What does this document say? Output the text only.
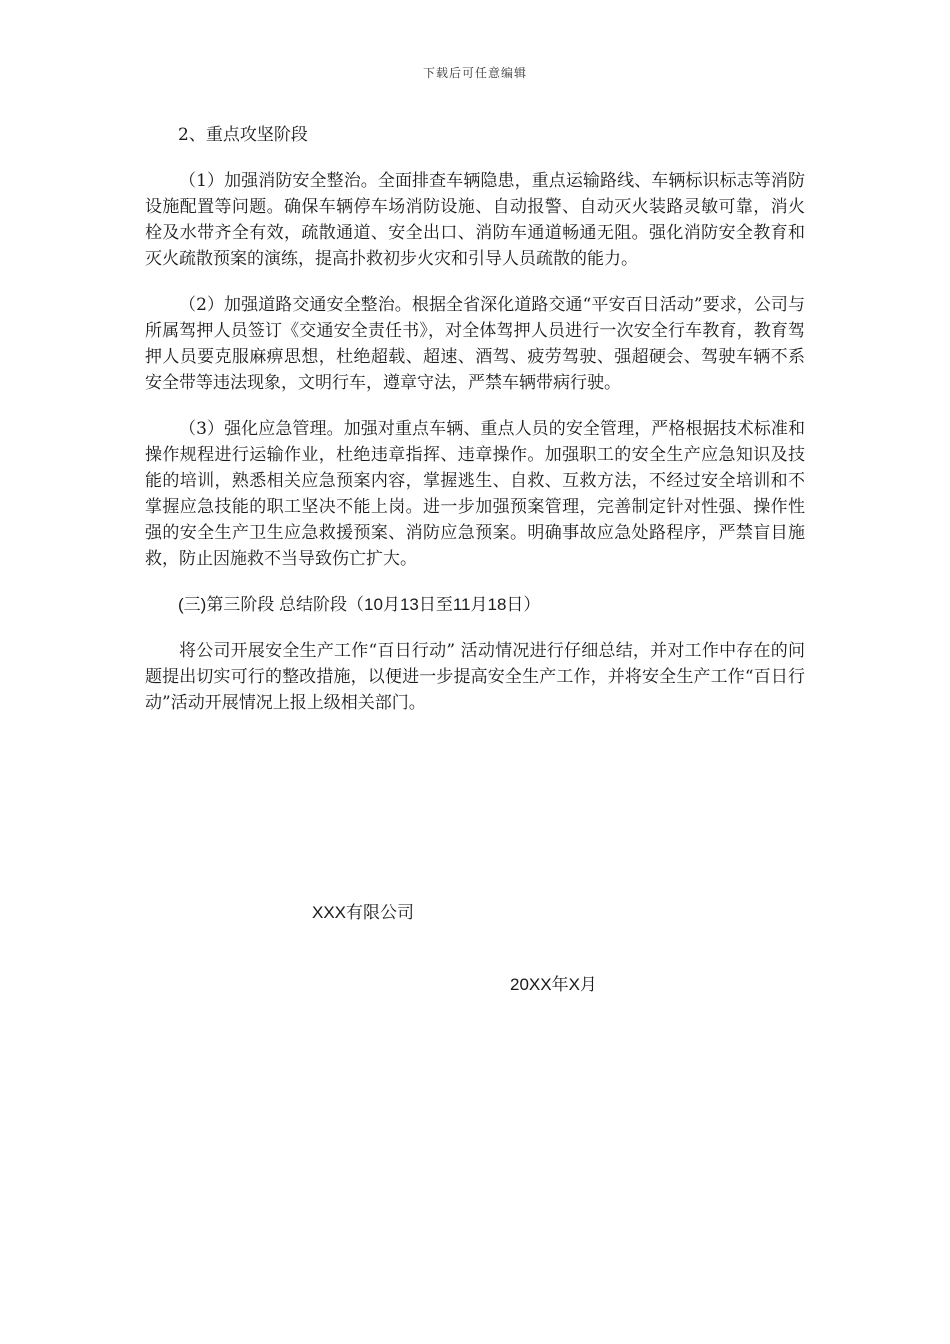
下载后可任意编辑

2、重点攻坚阶段

（1）加强消防安全整治。全面排查车辆隐患，重点运输路线、车辆标识标志等消防设施配置等问题。确保车辆停车场消防设施、自动报警、自动灭火装路灵敏可靠，消火栓及水带齐全有效，疏散通道、安全出口、消防车通道畅通无阻。强化消防安全教育和灭火疏散预案的演练，提高扑救初步火灾和引导人员疏散的能力。

（2）加强道路交通安全整治。根据全省深化道路交通“平安百日活动”要求，公司与所属驾押人员签订《交通安全责任书》，对全体驾押人员进行一次安全行车教育，教育驾押人员要克服麻痹思想，杜绝超载、超速、酒驾、疲劳驾驶、强超硬会、驾驶车辆不系安全带等违法现象，文明行车，遵章守法，严禁车辆带病行驶。

（3）强化应急管理。加强对重点车辆、重点人员的安全管理，严格根据技术标准和操作规程进行运输作业，杜绝违章指挥、违章操作。加强职工的安全生产应急知识及技能的培训，熟悉相关应急预案内容，掌握逃生、自救、互救方法，不经过安全培训和不掌握应急技能的职工坚决不能上岗。进一步加强预案管理，完善制定针对性强、操作性强的安全生产卫生应急救援预案、消防应急预案。明确事故应急处路程序，严禁盲目施救，防止因施救不当导致伤亡扩大。

(三)第三阶段 总结阶段（10月13日至11月18日）

将公司开展安全生产工作“百日行动” 活动情况进行仔细总结，并对工作中存在的问题提出切实可行的整改措施，以便进一步提高安全生产工作，并将安全生产工作“百日行动”活动开展情况上报上级相关部门。

XXX有限公司
20XX年X月
